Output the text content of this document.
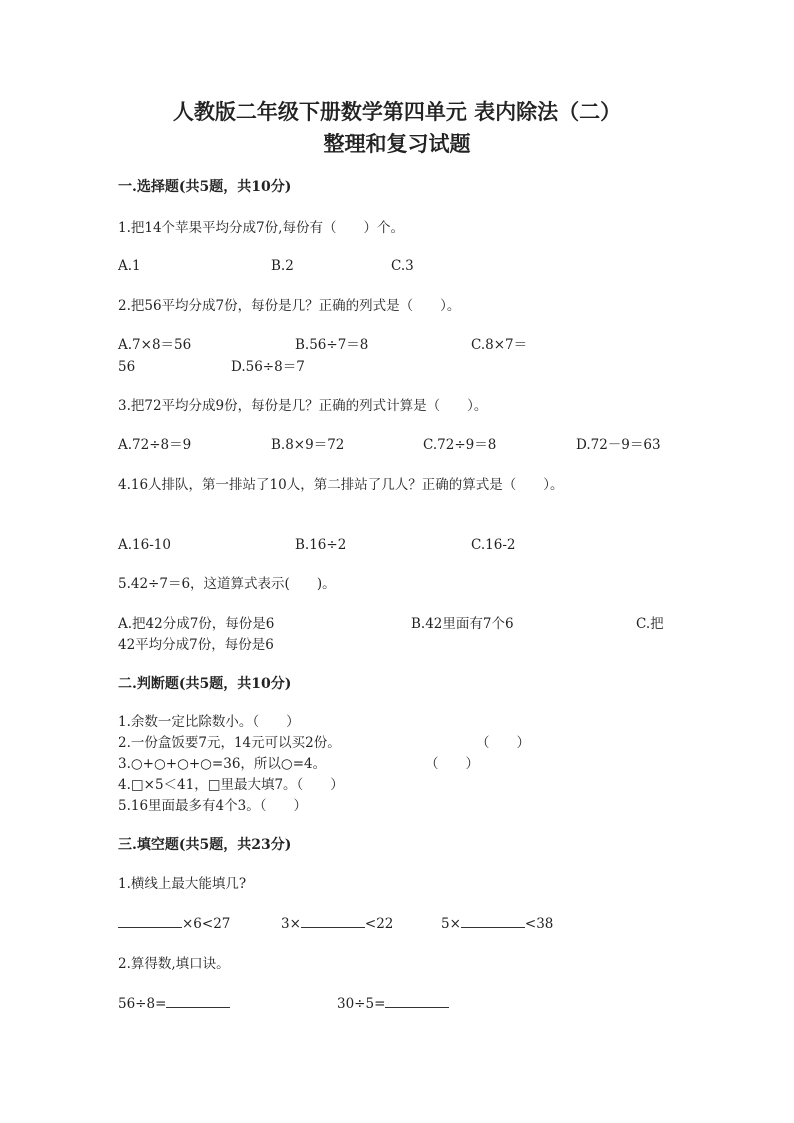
人教版二年级下册数学第四单元 表内除法（二）
整理和复习试题
一.选择题(共5题，共10分)
1.把14个苹果平均分成7份,每份有（　　）个。
A.1	B.2	C.3
2.把56平均分成7份，每份是几？正确的列式是（　　）。
A.7×8＝56	B.56÷7＝8	C.8×7＝
56	D.56÷8＝7
3.把72平均分成9份，每份是几？正确的列式计算是（　　）。
A.72÷8＝9	B.8×9＝72	C.72÷9＝8	D.72－9＝63
4.16人排队，第一排站了10人，第二排站了几人？正确的算式是（　　）。
A.16-10	B.16÷2	C.16-2
5.42÷7＝6，这道算式表示(　　)。
A.把42分成7份，每份是6	B.42里面有7个6	C.把
42平均分成7份，每份是6
二.判断题(共5题，共10分)
1.余数一定比除数小。（　　）
2.一份盒饭要7元，14元可以买2份。	（　　）
3.○+○+○+○=36，所以○=4。	（　　）
4.□×5＜41，□里最大填7。（　　）
5.16里面最多有4个3。（　　）
三.填空题(共5题，共23分)
1.横线上最大能填几?
×6<27	3×	<22	5×	<38
2.算得数,填口诀。
56÷8=	30÷5=
